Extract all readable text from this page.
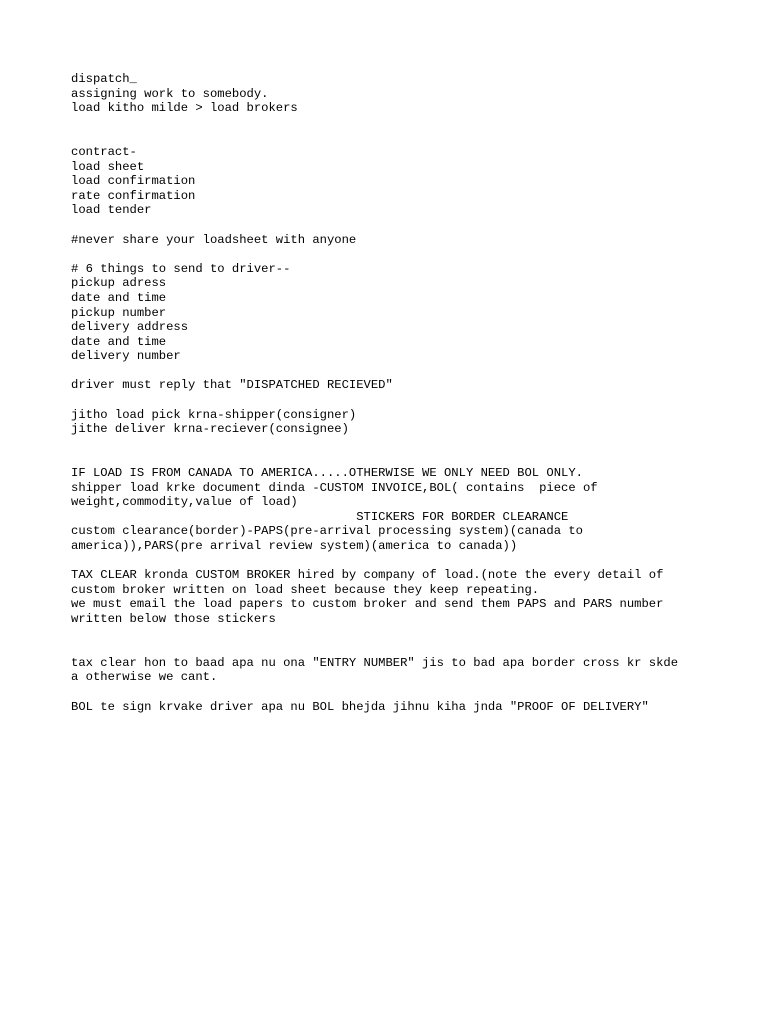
dispatch_
assigning work to somebody.
load kitho milde > load brokers
contract-
load sheet
load confirmation
rate confirmation
load tender
#never share your loadsheet with anyone
# 6 things to send to driver--
pickup adress
date and time
pickup number
delivery address
date and time
delivery number
driver must reply that "DISPATCHED RECIEVED"
jitho load pick krna-shipper(consigner)
jithe deliver krna-reciever(consignee)
IF LOAD IS FROM CANADA TO AMERICA.....OTHERWISE WE ONLY NEED BOL ONLY.
shipper load krke document dinda -CUSTOM INVOICE,BOL( contains  piece of
weight,commodity,value of load)
STICKERS FOR BORDER CLEARANCE
custom clearance(border)-PAPS(pre-arrival processing system)(canada to
america)),PARS(pre arrival review system)(america to canada))
TAX CLEAR kronda CUSTOM BROKER hired by company of load.(note the every detail of
custom broker written on load sheet because they keep repeating.
we must email the load papers to custom broker and send them PAPS and PARS number
written below those stickers
tax clear hon to baad apa nu ona "ENTRY NUMBER" jis to bad apa border cross kr skde
a otherwise we cant.
BOL te sign krvake driver apa nu BOL bhejda jihnu kiha jnda "PROOF OF DELIVERY"
